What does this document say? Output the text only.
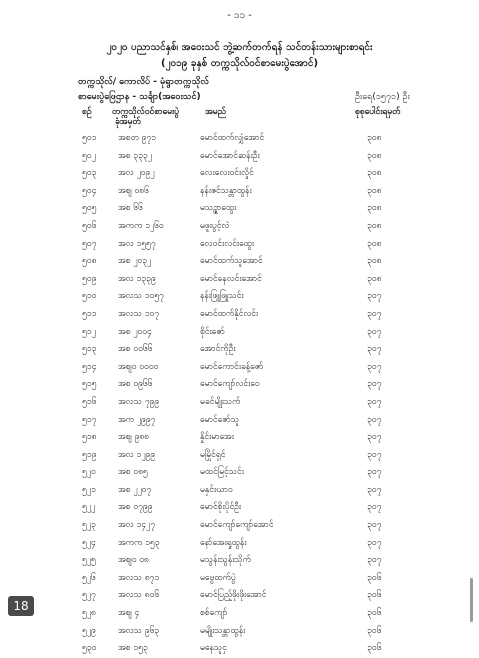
- ၁၁ -
၂၀၂၀ ပညာသင်နှစ်၊ အဝေးသင် ဘွဲ့ဆက်တက်ရန် သင်တန်းသားများစာရင်း
(၂၀၁၉ ခုနှစ် တက္ကသိုလ်ဝင်စာမေးပွဲအောင်)
တက္ကသိုလ်/ ကောလိပ် - မုံရွာတက္ကသိုလ်
စာမေးပွဲဖြေဌာန - သင်္ချာ(အဝေးသင်)	ဦးရေ(၁၅၇၁) ဦး
စဉ် တက္ကသိုလ်ဝင်စာမေးပွဲ
ခုံအမှတ်
အမည်	စုစုပေါင်းရမှတ်
၅၀၁	အစတ ၉၇၁	မောင်ထက်လျှံအောင်	၃၀၈
၅၀၂	အစ ၃၃၃၂	မောင်အောင်ဆန်းဦး	၃၀၈
၅၀၃	အလ ၂၀၉၂	လေးလေးဝင်းလှိုင်	၃၀၈
၅၀၄	အဈ ၀၈၆	နန်းဇင်သန္တာထွန်း	၃၀၈
၅၀၅	အစ ၆၆	မသဉ္ဇာထွေး	၃၀၈
၅၀၆	အကက ၁၂၆၀	မဖူးပွင့်လဲ	၃၀၈
၅၀၇	အလ ၁၅၅၇	လေဝင်းလင်းထွေး	၃၀၈
၅၀၈	အစ ၂၀၃၂	မောင်ထက်သူအောင်	၃၀၈
၅၀၉	အလ ၁၃၃၉	မောင်နေလင်းအောင်	၃၀၈
၅၁၀	အလသ ၁၀၅၇	နန်းဖြူဖြူသင်း	၃၀၇
၅၁၁	အလသ ၁၀၇	မောင်ထက်နိုင်လင်း	၃၀၇
၅၁၂	အစ ၂၀၀၄	စိုင်းဇော်	၃၀၇
၅၁၃	အစ ၀၀၆၆	အောင်ကိုဦး	၃၀၇
၅၁၄	အဈ၀ ၀၀၀၀	မောင်ကောင်းခန့်ဇော်	၃၀၇
၅၁၅	အစ ၀၉၆၆	မောင်ကျော်လင်းဝေ	၃၀၇
၅၁၆	အလသ ၇၉၉	မခင်မျိုးသက်	၃၀၇
၅၁၇	အက ၂၉၉၇	မောင်ဇော်သူ	၃၀၇
၅၁၈	အဈ ၉၈၈	နှိုင်းမာအေး	၃၀၇
၅၁၉	အလ ၁၂၉၉	မမြိုင်ရှင်	၃၀၇
၅၂၀	အစ ၀၈၅	မထင်မြင့်သင်း	၃၀၇
၅၂၁	အစ ၂၂၀၇	မနှင်းဃာ၀	၃၀၇
၅၂၂	အစ ၀၇၉၉	မောင်စိုးပိုင်ဦး	၃၀၇
၅၂၃	အလ ၁၄၂၇	မောင်ကျော်ကျော်အောင်	၃၀၇
၅၂၄	အကက ၁၅၃	နော်အေးရှုထွန်း	၃၀၇
၅၂၅	အဈ၀ ၀၈	မသွန်းသွန်းသိုက်	၃၀၇
၅၂၆	အလသ ၈၇၁	မဗွေထက်ပွဲ	၃၀၆
၅၂၇	အလသ ၈၀၆	မောင်ပြည့်ဖိုးဖိုးအောင်	၃၀၆
၅၂၈	အဈ ၄	စစ်ကျော်	၃၀၆
၅၂၉	အလသ ၉၆၃	မမျိုးသန္တာထွန်း	၃၀၆
၅၃၀	အစ ၁၅၃	မနေသူငှ	၃၀၆
18
